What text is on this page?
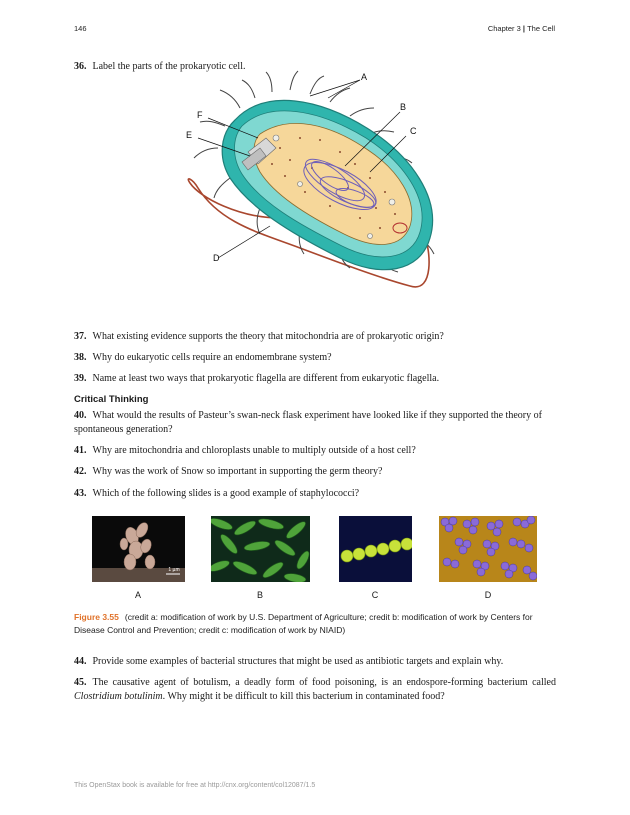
146	Chapter 3 | The Cell
36. Label the parts of the prokaryotic cell.
A
B
C
D
E
F
37. What existing evidence supports the theory that mitochondria are of prokaryotic origin?
38. Why do eukaryotic cells require an endomembrane system?
39. Name at least two ways that prokaryotic flagella are different from eukaryotic flagella.
Critical Thinking
40. What would the results of Pasteur’s swan-neck flask experiment have looked like if they supported the theory of spontaneous generation?
41. Why are mitochondria and chloroplasts unable to multiply outside of a host cell?
42. Why was the work of Snow so important in supporting the germ theory?
43. Which of the following slides is a good example of staphylococci?
1 µm
A	B	C	D
Figure 3.55 (credit a: modification of work by U.S. Department of Agriculture; credit b: modification of work by Centers for Disease Control and Prevention; credit c: modification of work by NIAID)
44. Provide some examples of bacterial structures that might be used as antibiotic targets and explain why.
45. The causative agent of botulism, a deadly form of food poisoning, is an endospore-forming bacterium called Clostridium botulinim. Why might it be difficult to kill this bacterium in contaminated food?
This OpenStax book is available for free at http://cnx.org/content/col12087/1.5
